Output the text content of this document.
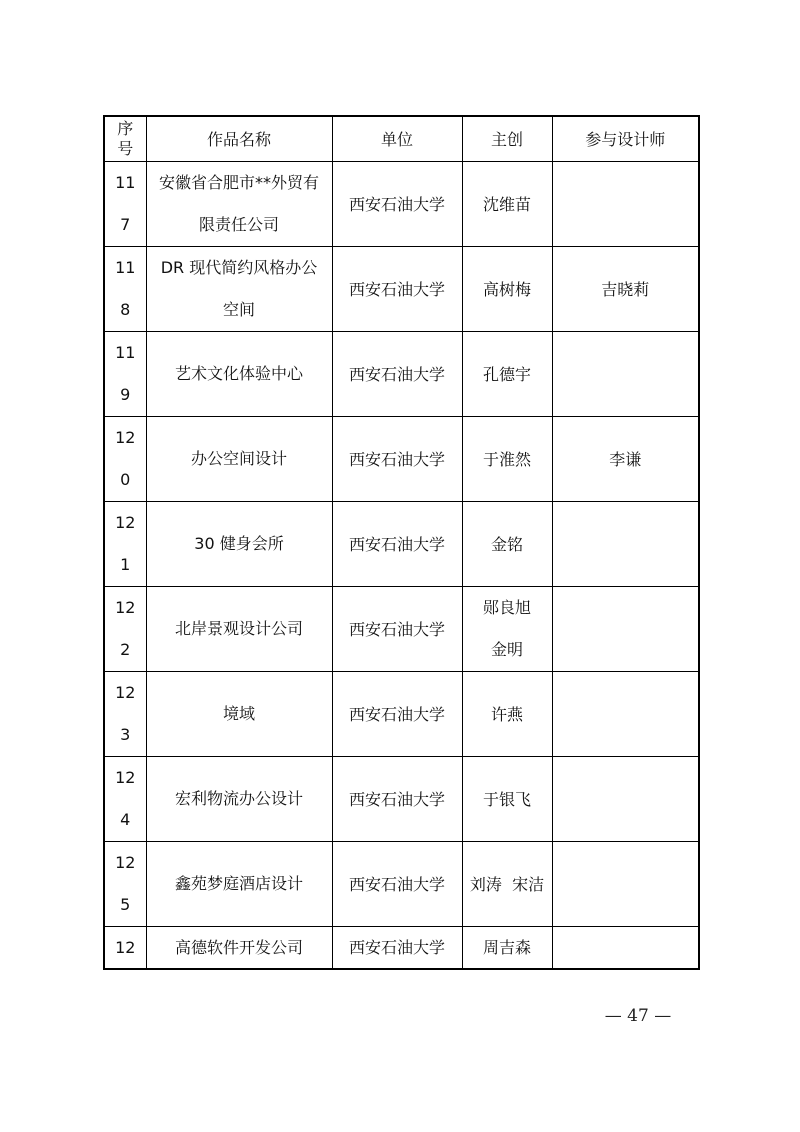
序号	作品名称	单位	主创	参与设计师

117	安徽省合肥市**外贸有限责任公司	西安石油大学	沈维苗	

118	DR 现代简约风格办公空间	西安石油大学	高树梅	吉晓莉

119	艺术文化体验中心	西安石油大学	孔德宇	

120	办公空间设计	西安石油大学	于淮然	李谦

121	30 健身会所	西安石油大学	金铭	

122	北岸景观设计公司	西安石油大学	郧良旭金明	

123	境域	西安石油大学	许燕	

124	宏利物流办公设计	西安石油大学	于银飞	

125	鑫苑梦庭酒店设计	西安石油大学	刘涛  宋洁	

12	高德软件开发公司	西安石油大学	周吉森	
— 47 —
